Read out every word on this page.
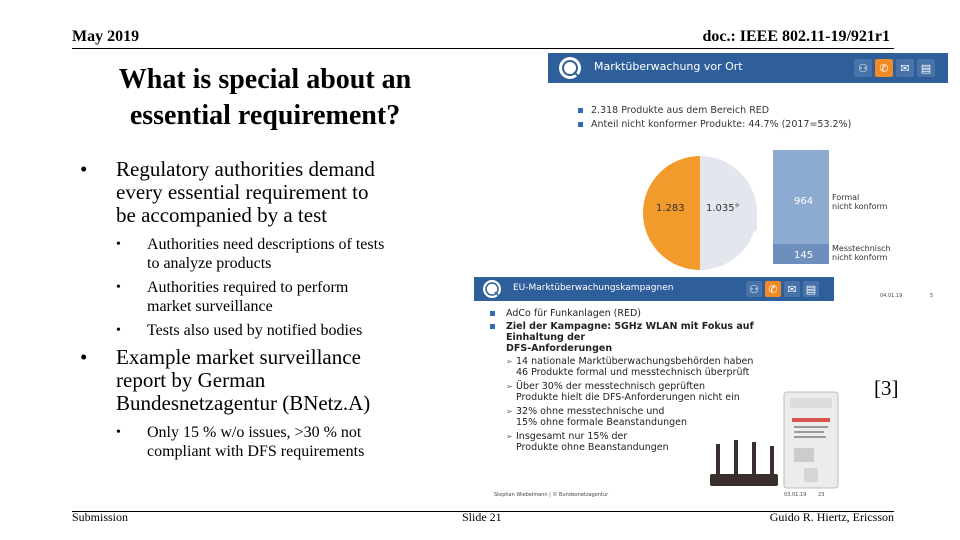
May 2019	doc.: IEEE 802.11-19/921r1
What is special about an
essential requirement?
• Regulatory authorities demand
every essential requirement to
be accompanied by a test
• Authorities need descriptions of tests
to analyze products
• Authorities required to perform
market surveillance
• Tests also used by notified bodies
• Example market surveillance
report by German
Bundesnetzagentur (BNetz.A)
• Only 15 % w/o issues, >30 % not
compliant with DFS requirements
Marktüberwachung vor Ort	⚇	✆	✉	▤
2.318 Produkte aus dem Bereich RED
Anteil nicht konformer Produkte: 44.7% (2017=53.2%)
1.283 1.035°
964
145
Formal
nicht konform
Messtechnisch
nicht konform
04.01.19	5
EU-Marktüberwachungskampagnen	⚇ ✆ ✉ ▤
AdCo für Funkanlagen (RED)
Ziel der Kampagne: 5GHz WLAN mit Fokus auf Einhaltung der
DFS-Anforderungen
➢ 14 nationale Marktüberwachungsbehörden haben
46 Produkte formal und messtechnisch überprüft
➢ Über 30% der messtechnisch geprüften
Produkte hielt die DFS-Anforderungen nicht ein
➢ 32% ohne messtechnische und
15% ohne formale Beanstandungen
➢ Insgesamt nur 15% der
Produkte ohne Beanstandungen
Stephan Wiebelmann | © Bundesnetzagentur	03.01.19 23
[3]
Submission	Slide 21	Guido R. Hiertz, Ericsson
